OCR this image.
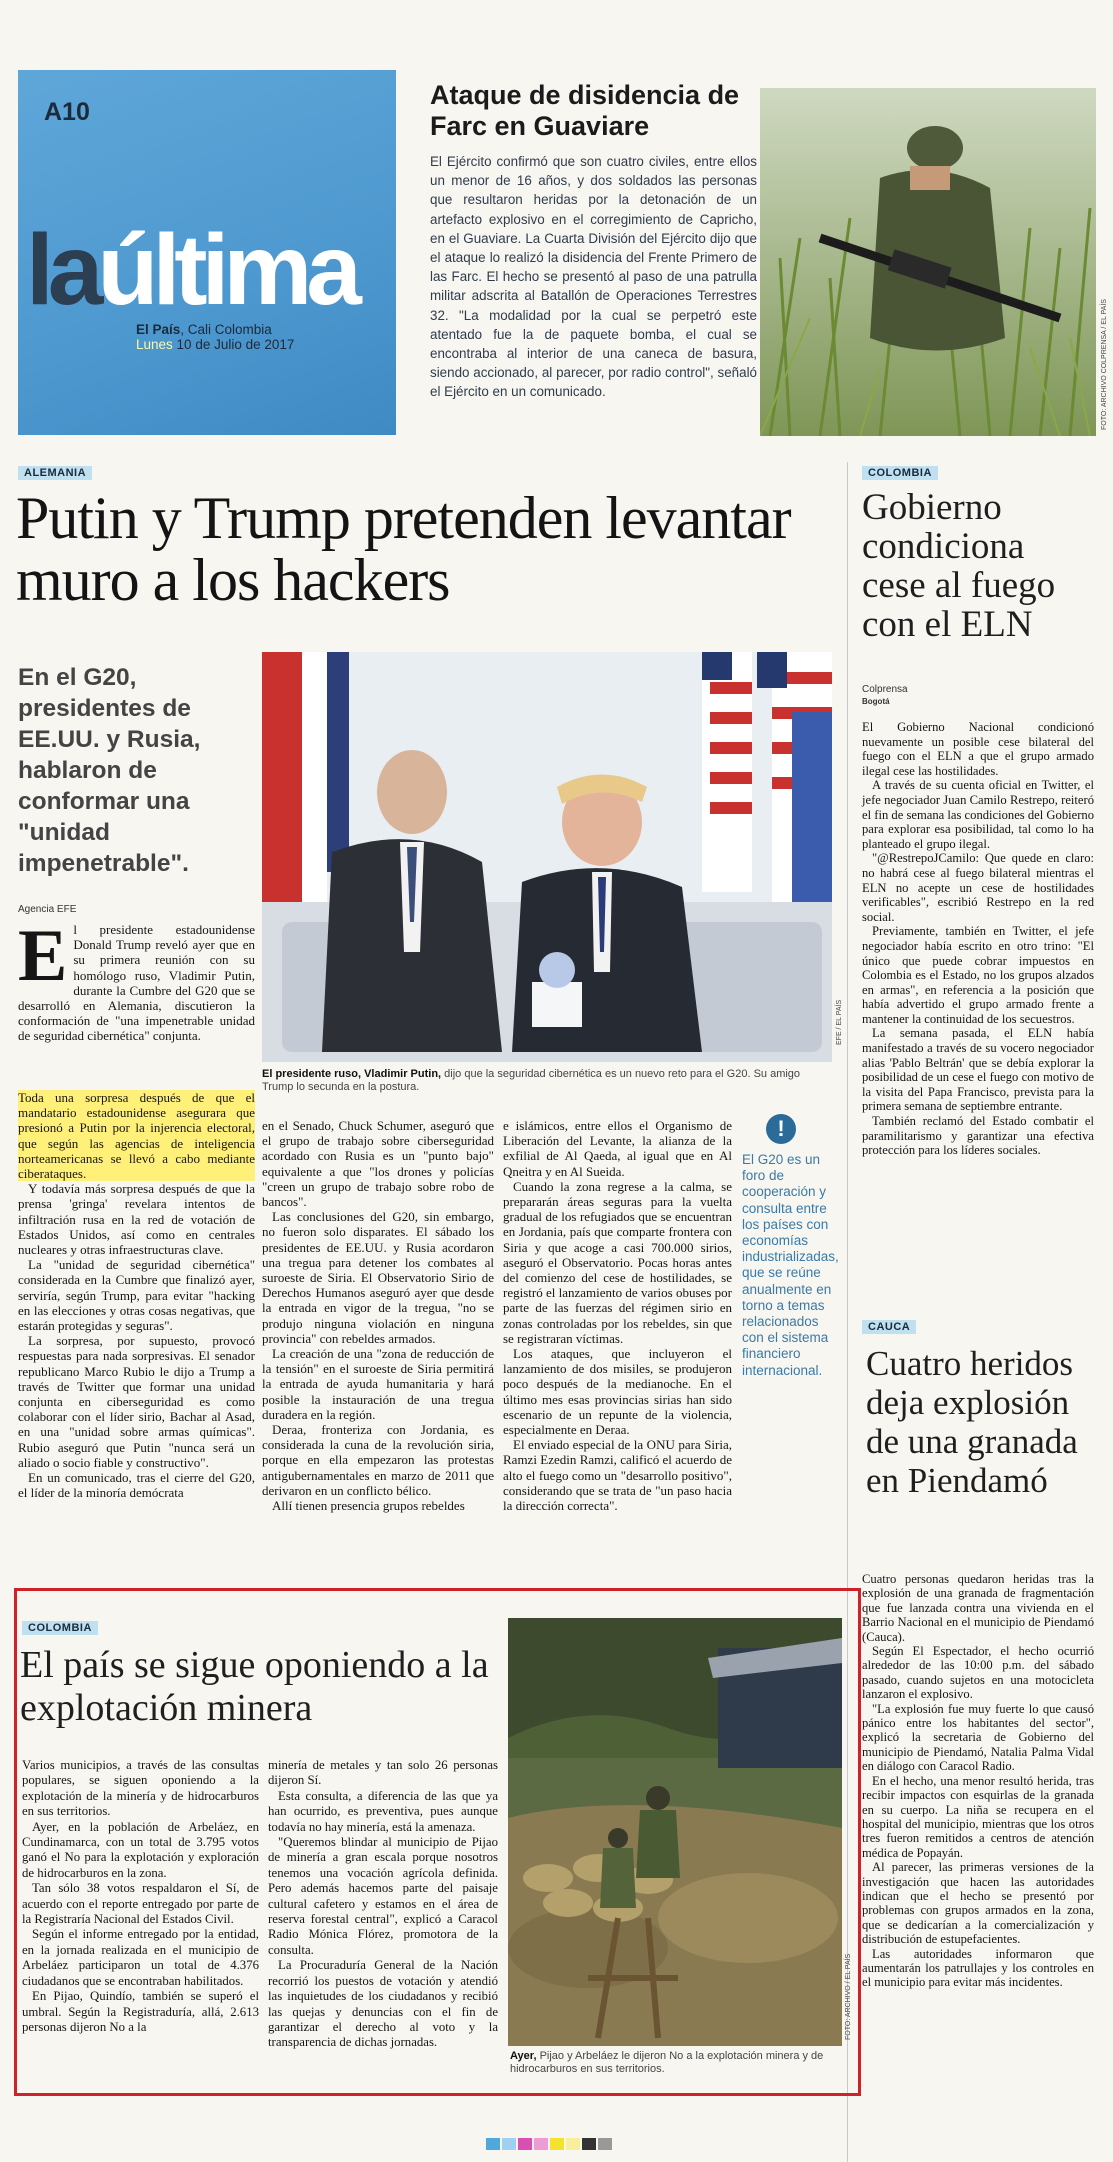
A10
laúltima
El País, Cali Colombia
Lunes 10 de Julio de 2017
Ataque de disidencia de Farc en Guaviare
El Ejército confirmó que son cuatro civiles, entre ellos un menor de 16 años, y dos soldados las personas que resultaron heridas por la detonación de un artefacto explosivo en el corregimiento de Capricho, en el Guaviare. La Cuarta División del Ejército dijo que el ataque lo realizó la disidencia del Frente Primero de las Farc. El hecho se presentó al paso de una patrulla militar adscrita al Batallón de Operaciones Terrestres 32. "La modalidad por la cual se perpetró este atentado fue la de paquete bomba, el cual se encontraba al interior de una caneca de basura, siendo accionado, al parecer, por radio control", señaló el Ejército en un comunicado.	FOTO: ARCHIVO COLPRENSA / EL PAÍS
ALEMANIA
Putin y Trump pretenden levantar muro a los hackers
En el G20, presidentes de EE.UU. y Rusia, hablaron de conformar una "unidad impenetrable".
Agencia EFE
EFE / EL PAÍS
El presidente ruso, Vladimir Putin, dijo que la seguridad cibernética es un nuevo reto para el G20. Su amigo Trump lo secunda en la postura.
E l presidente estadounidense Donald Trump reveló ayer que en su primera reunión con su homólogo ruso, Vladimir Putin, durante la Cumbre del G20 que se desarrolló en Alemania, discutieron la conformación de "una impenetrable unidad de seguridad cibernética" conjunta.

Toda una sorpresa después de que el mandatario estadounidense asegurara que presionó a Putin por la injerencia electoral, que según las agencias de inteligencia norteamericanas se llevó a cabo mediante ciberataques.

Y todavía más sorpresa después de que la prensa 'gringa' revelara intentos de infiltración rusa en la red de votación de Estados Unidos, así como en centrales nucleares y otras infraestructuras clave.

La "unidad de seguridad cibernética" considerada en la Cumbre que finalizó ayer, serviría, según Trump, para evitar "hacking en las elecciones y otras cosas negativas, que estarán protegidas y seguras".

La sorpresa, por supuesto, provocó respuestas para nada sorpresivas. El senador republicano Marco Rubio le dijo a Trump a través de Twitter que formar una unidad conjunta en ciberseguridad es como colaborar con el líder sirio, Bachar al Asad, en una "unidad sobre armas químicas". Rubio aseguró que Putin "nunca será un aliado o socio fiable y constructivo".

En un comunicado, tras el cierre del G20, el líder de la minoría demócrata

en el Senado, Chuck Schumer, aseguró que el grupo de trabajo sobre ciberseguridad acordado con Rusia es un "punto bajo" equivalente a que "los drones y policías "creen un grupo de trabajo sobre robo de bancos".

Las conclusiones del G20, sin embargo, no fueron solo disparates. El sábado los presidentes de EE.UU. y Rusia acordaron una tregua para detener los combates al suroeste de Siria. El Observatorio Sirio de Derechos Humanos aseguró ayer que desde la entrada en vigor de la tregua, "no se produjo ninguna violación en ninguna provincia" con rebeldes armados.

La creación de una "zona de reducción de la tensión" en el suroeste de Siria permitirá la entrada de ayuda humanitaria y hará posible la instauración de una tregua duradera en la región.

Deraa, fronteriza con Jordania, es considerada la cuna de la revolución siria, porque en ella empezaron las protestas antigubernamentales en marzo de 2011 que derivaron en un conflicto bélico.

Allí tienen presencia grupos rebeldes

e islámicos, entre ellos el Organismo de Liberación del Levante, la alianza de la exfilial de Al Qaeda, al igual que en Al Qneitra y en Al Sueida.

Cuando la zona regrese a la calma, se prepararán áreas seguras para la vuelta gradual de los refugiados que se encuentran en Jordania, país que comparte frontera con Siria y que acoge a casi 700.000 sirios, aseguró el Observatorio. Pocas horas antes del comienzo del cese de hostilidades, se registró el lanzamiento de varios obuses por parte de las fuerzas del régimen sirio en zonas controladas por los rebeldes, sin que se registraran víctimas.

Los ataques, que incluyeron el lanzamiento de dos misiles, se produjeron poco después de la medianoche. En el último mes esas provincias sirias han sido escenario de un repunte de la violencia, especialmente en Deraa.

El enviado especial de la ONU para Siria, Ramzi Ezedin Ramzi, calificó el acuerdo de alto el fuego como un "desarrollo positivo", considerando que se trata de "un paso hacia la dirección correcta".

!
El G20 es un foro de cooperación y consulta entre los países con economías industrializadas, que se reúne anualmente en torno a temas relacionados con el sistema financiero internacional.
COLOMBIA
Gobierno condiciona cese al fuego con el ELN
Colprensa
Bogotá

El Gobierno Nacional condicionó nuevamente un posible cese bilateral del fuego con el ELN a que el grupo armado ilegal cese las hostilidades.

A través de su cuenta oficial en Twitter, el jefe negociador Juan Camilo Restrepo, reiteró el fin de semana las condiciones del Gobierno para explorar esa posibilidad, tal como lo ha planteado el grupo ilegal.

"@RestrepoJCamilo: Que quede en claro: no habrá cese al fuego bilateral mientras el ELN no acepte un cese de hostilidades verificables", escribió Restrepo en la red social.

Previamente, también en Twitter, el jefe negociador había escrito en otro trino: "El único que puede cobrar impuestos en Colombia es el Estado, no los grupos alzados en armas", en referencia a la posición que había advertido el grupo armado frente a mantener la continuidad de los secuestros.

La semana pasada, el ELN había manifestado a través de su vocero negociador alias 'Pablo Beltrán' que se debía explorar la posibilidad de un cese el fuego con motivo de la visita del Papa Francisco, prevista para la primera semana de septiembre entrante.

También reclamó del Estado combatir el paramilitarismo y garantizar una efectiva protección para los líderes sociales.

CAUCA
Cuatro heridos deja explosión de una granada en Piendamó

Cuatro personas quedaron heridas tras la explosión de una granada de fragmentación que fue lanzada contra una vivienda en el Barrio Nacional en el municipio de Piendamó (Cauca).

Según El Espectador, el hecho ocurrió alrededor de las 10:00 p.m. del sábado pasado, cuando sujetos en una motocicleta lanzaron el explosivo.

"La explosión fue muy fuerte lo que causó pánico entre los habitantes del sector", explicó la secretaria de Gobierno del municipio de Piendamó, Natalia Palma Vidal en diálogo con Caracol Radio.

En el hecho, una menor resultó herida, tras recibir impactos con esquirlas de la granada en su cuerpo. La niña se recupera en el hospital del municipio, mientras que los otros tres fueron remitidos a centros de atención médica de Popayán.

Al parecer, las primeras versiones de la investigación que hacen las autoridades indican que el hecho se presentó por problemas con grupos armados en la zona, que se dedicarían a la comercialización y distribución de estupefacientes.

Las autoridades informaron que aumentarán los patrullajes y los controles en el municipio para evitar más incidentes.

COLOMBIA
El país se sigue oponiendo a la explotación minera

Varios municipios, a través de las consultas populares, se siguen oponiendo a la explotación de la minería y de hidrocarburos en sus territorios.

Ayer, en la población de Arbeláez, en Cundinamarca, con un total de 3.795 votos ganó el No para la explotación y exploración de hidrocarburos en la zona.

Tan sólo 38 votos respaldaron el Sí, de acuerdo con el reporte entregado por parte de la Registraría Nacional del Estados Civil.

Según el informe entregado por la entidad, en la jornada realizada en el municipio de Arbeláez participaron un total de 4.376 ciudadanos que se encontraban habilitados.

En Pijao, Quindío, también se superó el umbral. Según la Registraduría, allá, 2.613 personas dijeron No a la

minería de metales y tan solo 26 personas dijeron Sí.

Esta consulta, a diferencia de las que ya han ocurrido, es preventiva, pues aunque todavía no hay minería, está la amenaza.

"Queremos blindar al municipio de Pijao de minería a gran escala porque nosotros tenemos una vocación agrícola definida. Pero además hacemos parte del paisaje cultural cafetero y estamos en el área de reserva forestal central", explicó a Caracol Radio Mónica Flórez, promotora de la consulta.

La Procuraduría General de la Nación recorrió los puestos de votación y atendió las inquietudes de los ciudadanos y recibió las quejas y denuncias con el fin de garantizar el derecho al voto y la transparencia de dichas jornadas.

FOTO: ARCHIVO / EL PAÍS
Ayer, Pijao y Arbeláez le dijeron No a la explotación minera y de hidrocarburos en sus territorios.
